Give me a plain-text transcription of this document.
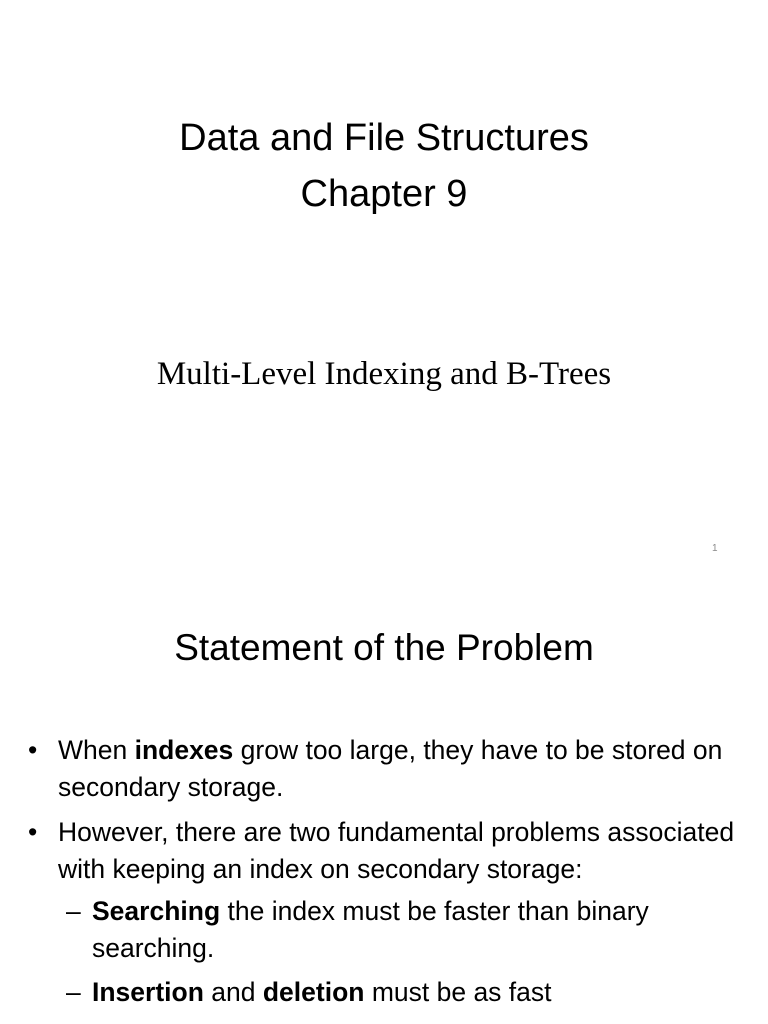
Data and File Structures
Chapter 9
Multi-Level Indexing and B-Trees
1
Statement of the Problem
• When indexes grow too large, they have to be stored on secondary storage.
• However, there are two fundamental problems associated with keeping an index on secondary storage:
– Searching the index must be faster than binary searching.
– Insertion and deletion must be as fast
